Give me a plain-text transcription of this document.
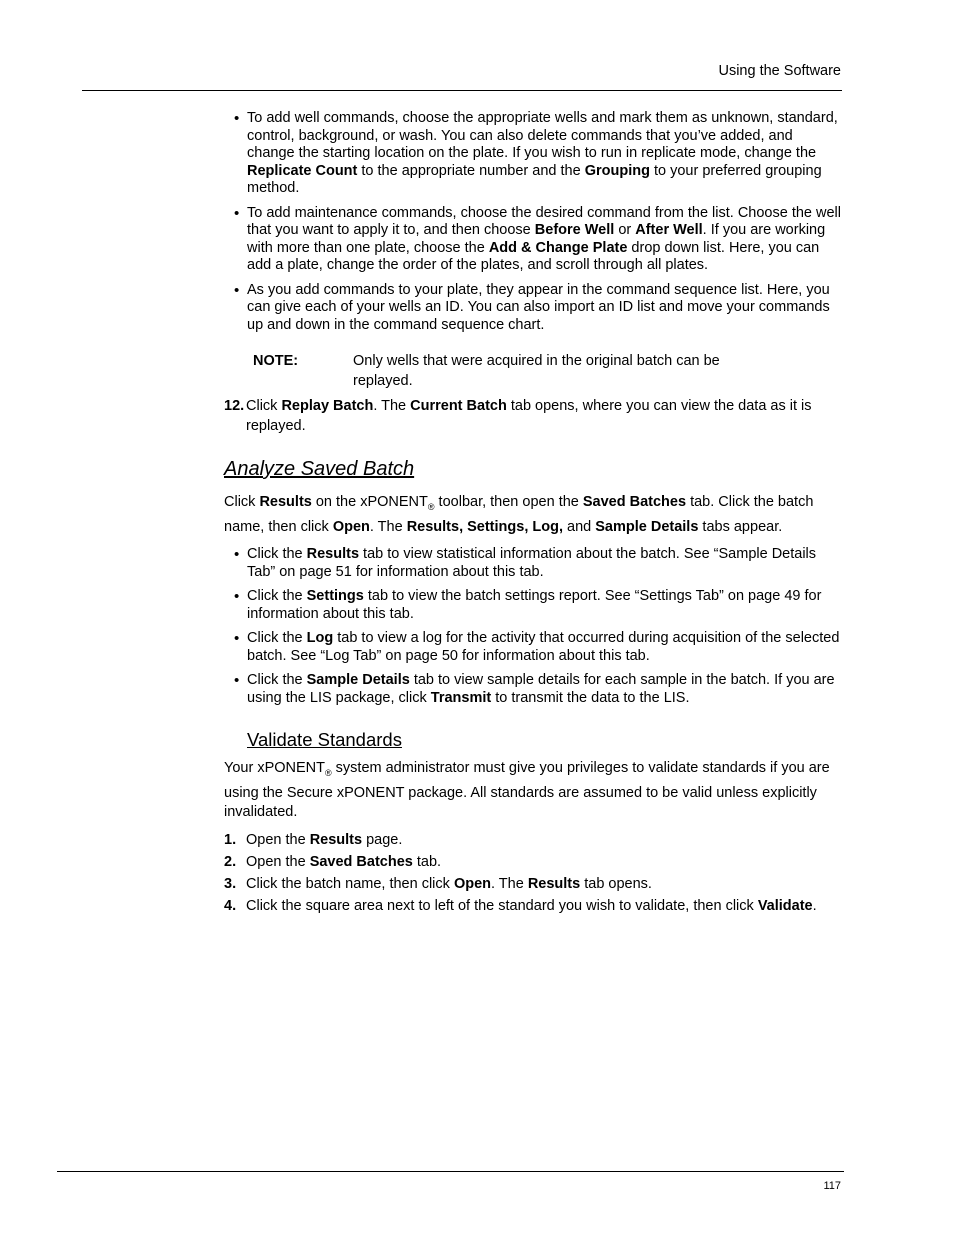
Using the Software
• To add well commands, choose the appropriate wells and mark them as unknown, standard, control, background, or wash. You can also delete commands that you’ve added, and change the starting location on the plate. If you wish to run in replicate mode, change the Replicate Count to the appropriate number and the Grouping to your preferred grouping method.
• To add maintenance commands, choose the desired command from the list. Choose the well that you want to apply it to, and then choose Before Well or After Well. If you are working with more than one plate, choose the Add & Change Plate drop down list. Here, you can add a plate, change the order of the plates, and scroll through all plates.
• As you add commands to your plate, they appear in the command sequence list. Here, you can give each of your wells an ID. You can also import an ID list and move your commands up and down in the command sequence chart.
NOTE:	Only wells that were acquired in the original batch can be replayed.
12. Click Replay Batch. The Current Batch tab opens, where you can view the data as it is replayed.
Analyze Saved Batch

Click Results on the xPONENT$_®$ toolbar, then open the Saved Batches tab. Click the batch name, then click Open. The Results, Settings, Log, and Sample Details tabs appear.

• Click the Results tab to view statistical information about the batch. See “Sample Details Tab” on page 51 for information about this tab.
• Click the Settings tab to view the batch settings report. See “Settings Tab” on page 49 for information about this tab.
• Click the Log tab to view a log for the activity that occurred during acquisition of the selected batch. See “Log Tab” on page 50 for information about this tab.
• Click the Sample Details tab to view sample details for each sample in the batch. If you are using the LIS package, click Transmit to transmit the data to the LIS.
Validate Standards

Your xPONENT$_®$ system administrator must give you privileges to validate standards if you are using the Secure xPONENT package. All standards are assumed to be valid unless explicitly invalidated.

1. Open the Results page.
2. Open the Saved Batches tab.
3. Click the batch name, then click Open. The Results tab opens.
4. Click the square area next to left of the standard you wish to validate, then click Validate.
117
